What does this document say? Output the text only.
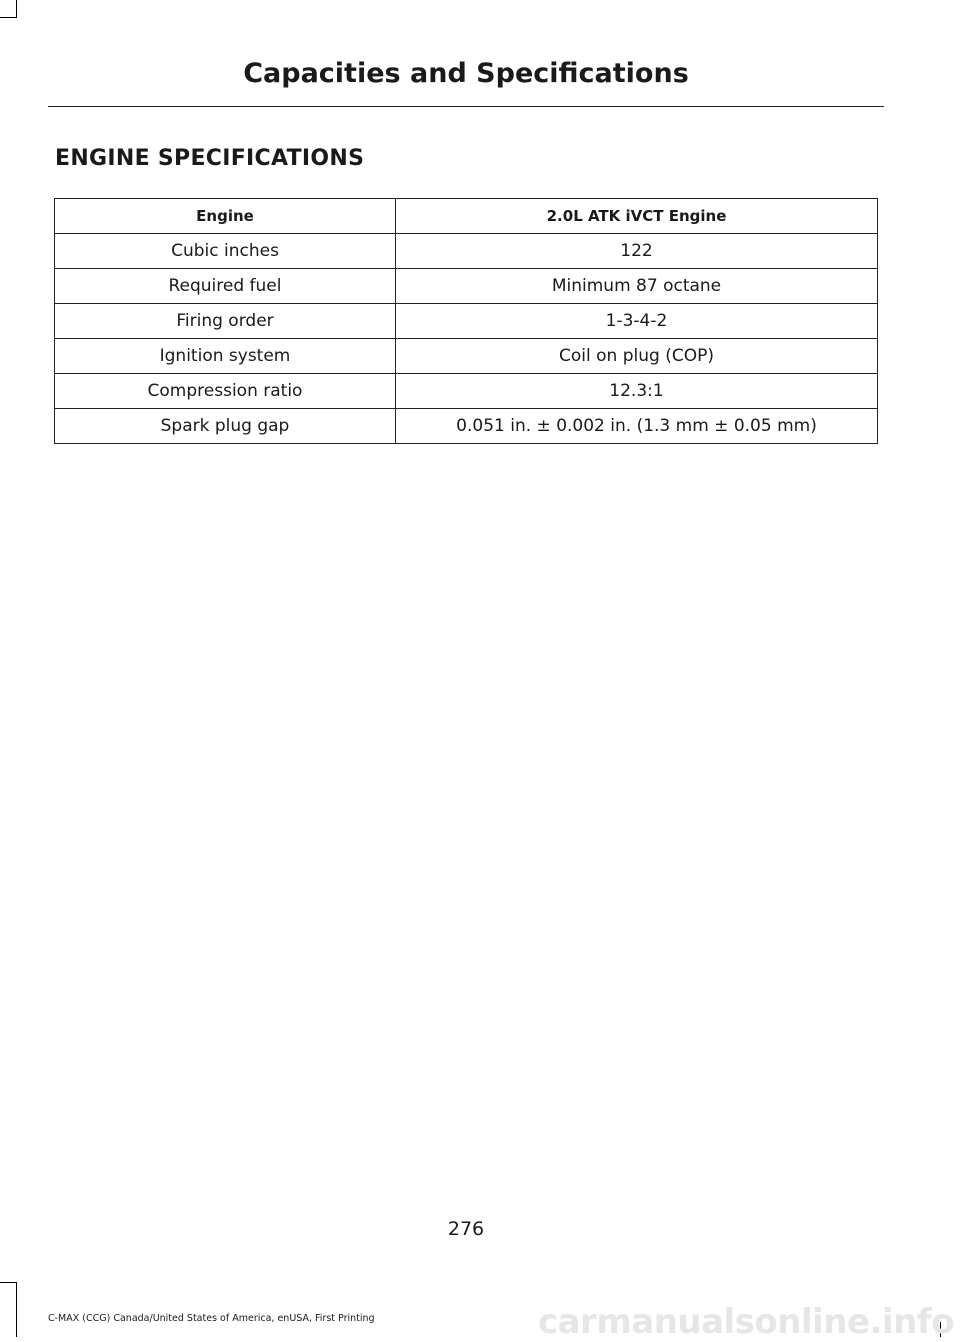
Capacities and Specifications
ENGINE SPECIFICATIONS
Engine	2.0L ATK iVCT Engine
Cubic inches	122
Required fuel	Minimum 87 octane
Firing order	1-3-4-2
Ignition system	Coil on plug (COP)
Compression ratio	12.3:1
Spark plug gap	0.051 in. ± 0.002 in. (1.3 mm ± 0.05 mm)
276
C-MAX (CCG) Canada/United States of America, enUSA, First Printing	carmanualsonline.info
